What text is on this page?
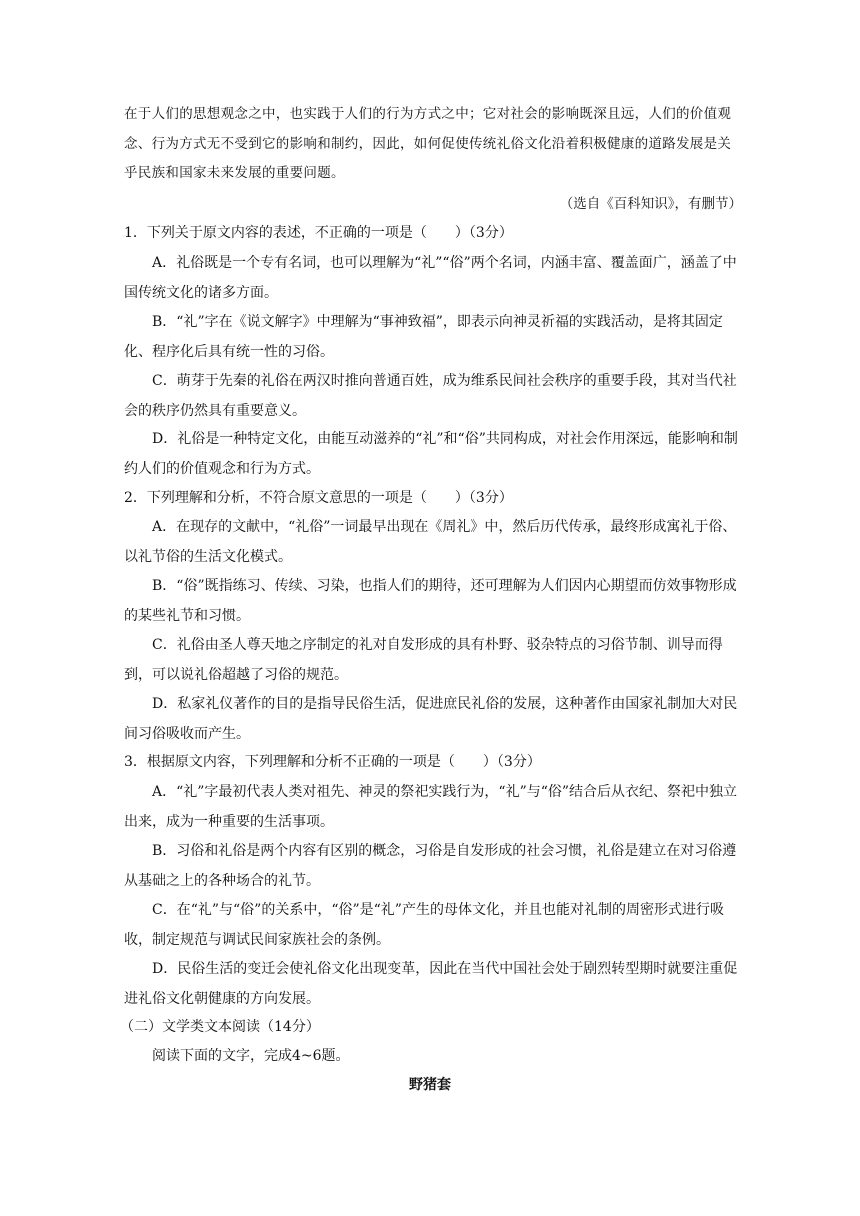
在于人们的思想观念之中，也实践于人们的行为方式之中；它对社会的影响既深且远，人们的价值观念、行为方式无不受到它的影响和制约，因此，如何促使传统礼俗文化沿着积极健康的道路发展是关乎民族和国家未来发展的重要问题。
（选自《百科知识》，有删节）
1．下列关于原文内容的表述，不正确的一项是（　　）（3分）
A．礼俗既是一个专有名词，也可以理解为“礼”“俗”两个名词，内涵丰富、覆盖面广，涵盖了中国传统文化的诸多方面。
B．“礼”字在《说文解字》中理解为“事神致福”，即表示向神灵祈福的实践活动，是将其固定化、程序化后具有统一性的习俗。
C．萌芽于先秦的礼俗在两汉时推向普通百姓，成为维系民间社会秩序的重要手段，其对当代社会的秩序仍然具有重要意义。
D．礼俗是一种特定文化，由能互动滋养的“礼”和“俗”共同构成，对社会作用深远，能影响和制约人们的价值观念和行为方式。
2．下列理解和分析，不符合原文意思的一项是（　　）（3分）
A．在现存的文献中，“礼俗”一词最早出现在《周礼》中，然后历代传承，最终形成寓礼于俗、以礼节俗的生活文化模式。
B．“俗”既指练习、传续、习染，也指人们的期待，还可理解为人们因内心期望而仿效事物形成的某些礼节和习惯。
C．礼俗由圣人尊天地之序制定的礼对自发形成的具有朴野、驳杂特点的习俗节制、训导而得到，可以说礼俗超越了习俗的规范。
D．私家礼仪著作的目的是指导民俗生活，促进庶民礼俗的发展，这种著作由国家礼制加大对民间习俗吸收而产生。
3．根据原文内容，下列理解和分析不正确的一项是（　　）（3分）
A．“礼”字最初代表人类对祖先、神灵的祭祀实践行为，“礼”与“俗”结合后从衣纪、祭祀中独立出来，成为一种重要的生活事项。
B．习俗和礼俗是两个内容有区别的概念，习俗是自发形成的社会习惯，礼俗是建立在对习俗遵从基础之上的各种场合的礼节。
C．在“礼”与“俗”的关系中，“俗”是“礼”产生的母体文化，并且也能对礼制的周密形式进行吸收，制定规范与调试民间家族社会的条例。
D．民俗生活的变迁会使礼俗文化出现变革，因此在当代中国社会处于剧烈转型期时就要注重促进礼俗文化朝健康的方向发展。
（二）文学类文本阅读（14分）
阅读下面的文字，完成4~6题。
野猪套
